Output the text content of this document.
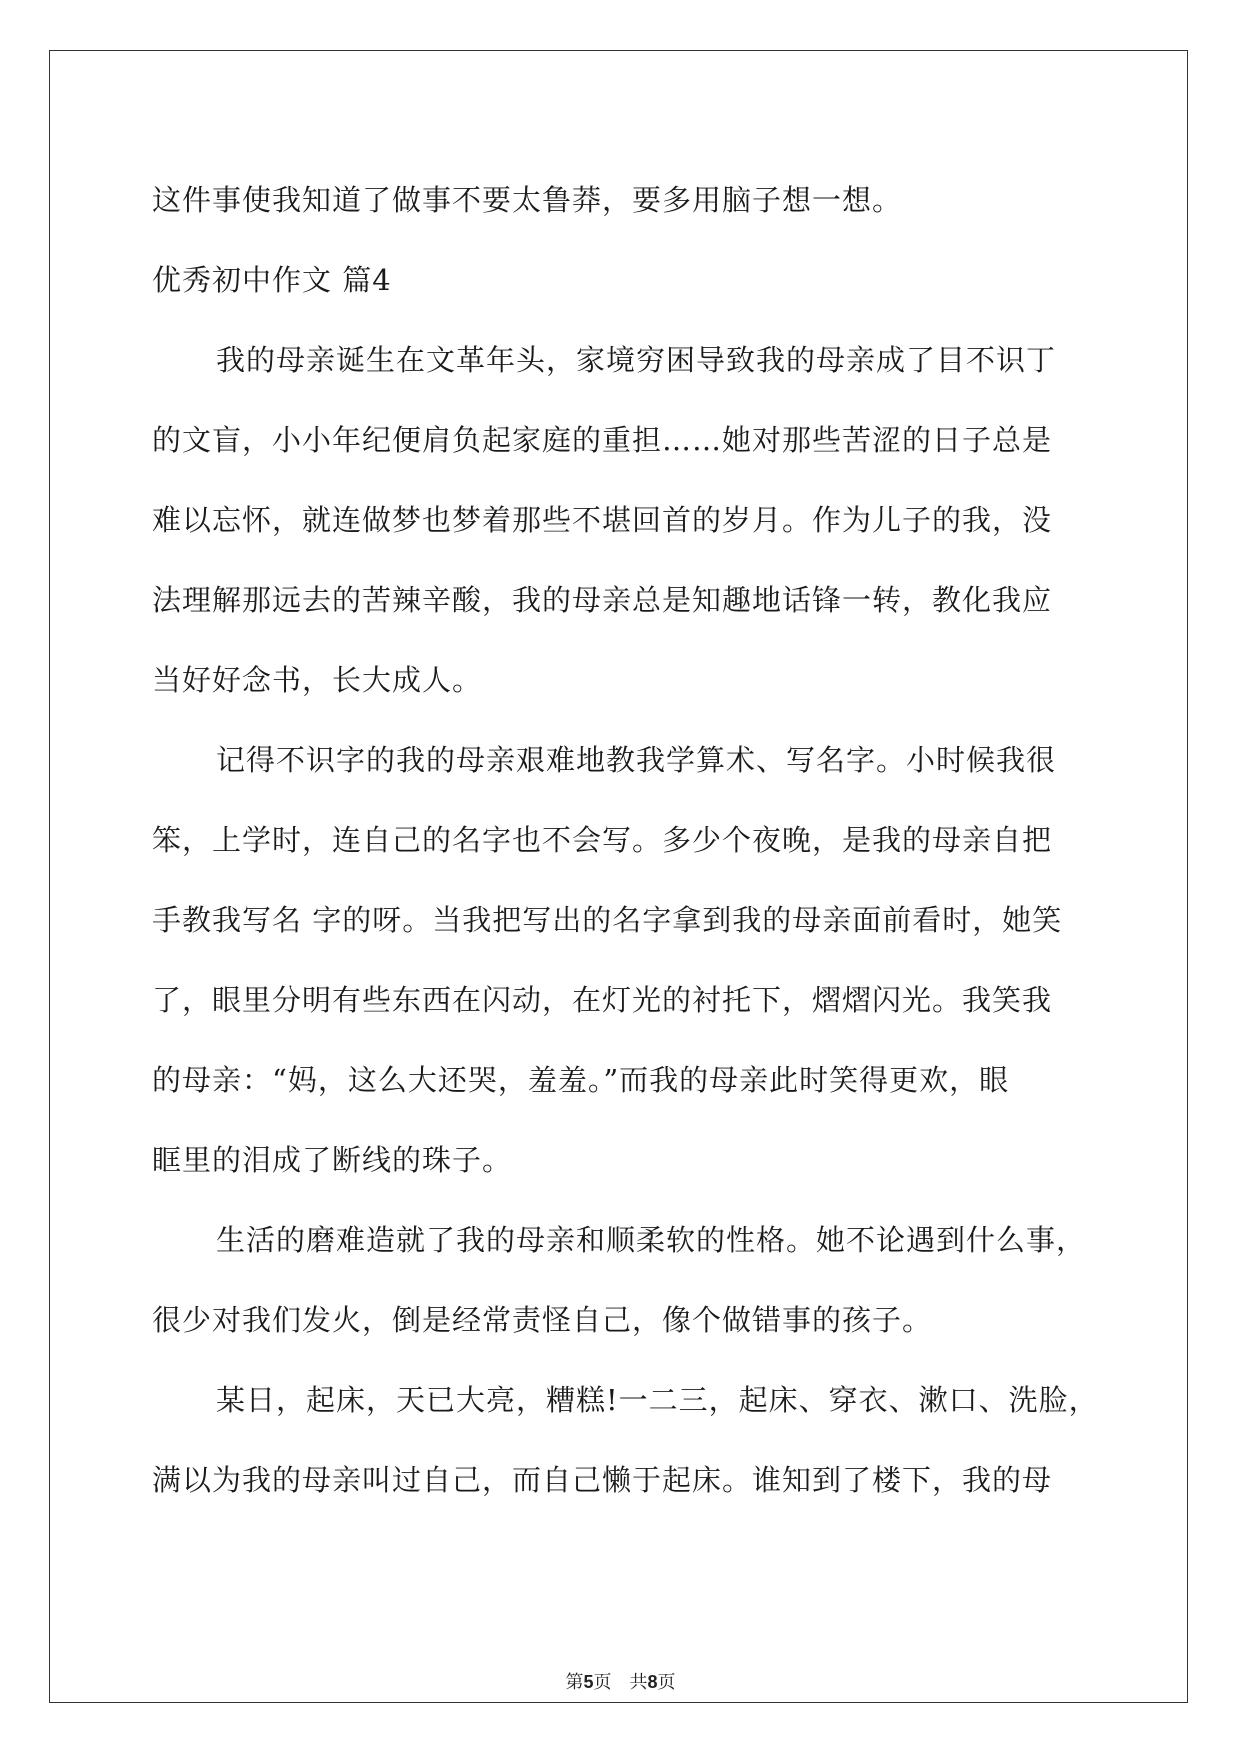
这件事使我知道了做事不要太鲁莽，要多用脑子想一想。
优秀初中作文 篇4
我的母亲诞生在文革年头，家境穷困导致我的母亲成了目不识丁
的文盲，小小年纪便肩负起家庭的重担……她对那些苦涩的日子总是
难以忘怀，就连做梦也梦着那些不堪回首的岁月。作为儿子的我，没
法理解那远去的苦辣辛酸，我的母亲总是知趣地话锋一转，教化我应
当好好念书，长大成人。
记得不识字的我的母亲艰难地教我学算术、写名字。小时候我很
笨，上学时，连自己的名字也不会写。多少个夜晚，是我的母亲自把
手教我写名 字的呀。当我把写出的名字拿到我的母亲面前看时，她笑
了，眼里分明有些东西在闪动，在灯光的衬托下，熠熠闪光。我笑我
的母亲：“妈，这么大还哭，羞羞。”而我的母亲此时笑得更欢，眼
眶里的泪成了断线的珠子。
生活的磨难造就了我的母亲和顺柔软的性格。她不论遇到什么事，
很少对我们发火，倒是经常责怪自己，像个做错事的孩子。
某日，起床，天已大亮，糟糕!一二三，起床、穿衣、漱口、洗脸，
满以为我的母亲叫过自己，而自己懒于起床。谁知到了楼下，我的母
第5页 共8页
